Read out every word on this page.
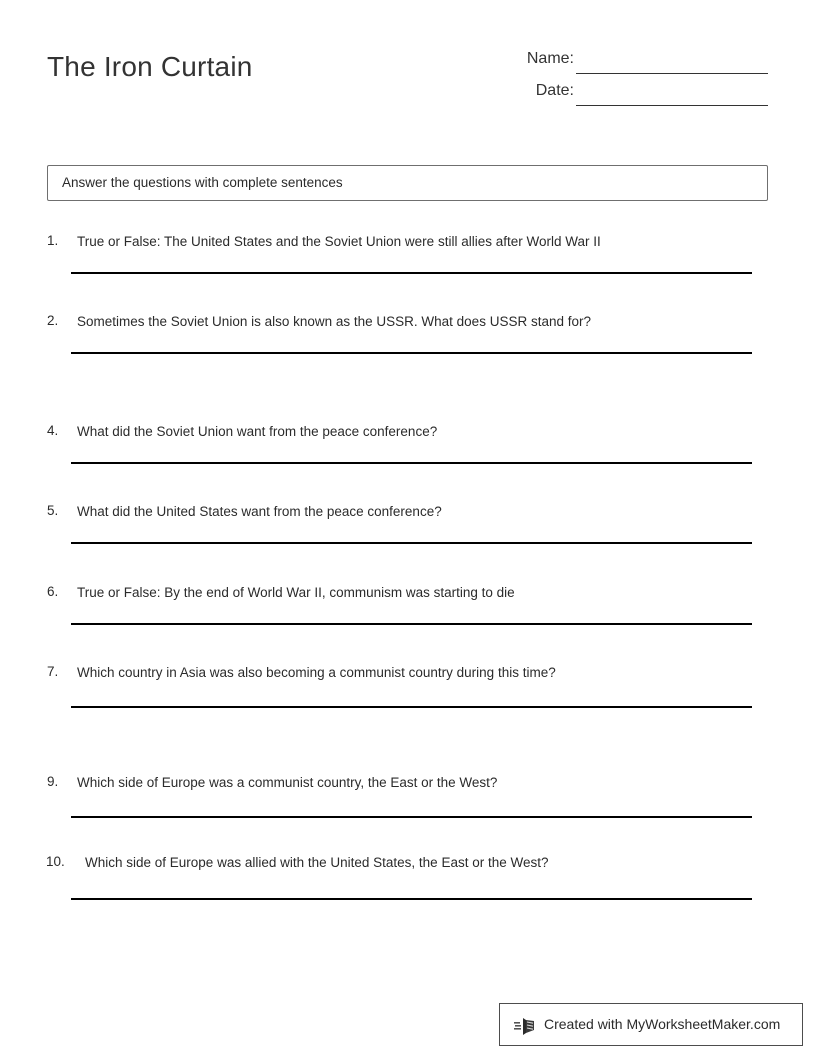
The Iron Curtain	Name:
Date:
Answer the questions with complete sentences
1.	True or False: The United States and the Soviet Union were still allies after World War II
2.	Sometimes the Soviet Union is also known as the USSR. What does USSR stand for?
4.	What did the Soviet Union want from the peace conference?
5.	What did the United States want from the peace conference?
6.	True or False: By the end of World War II, communism was starting to die
7.	Which country in Asia was also becoming a communist country during this time?
9.	Which side of Europe was a communist country, the East or the West?
10.	Which side of Europe was allied with the United States, the East or the West?
Created with MyWorksheetMaker.com
